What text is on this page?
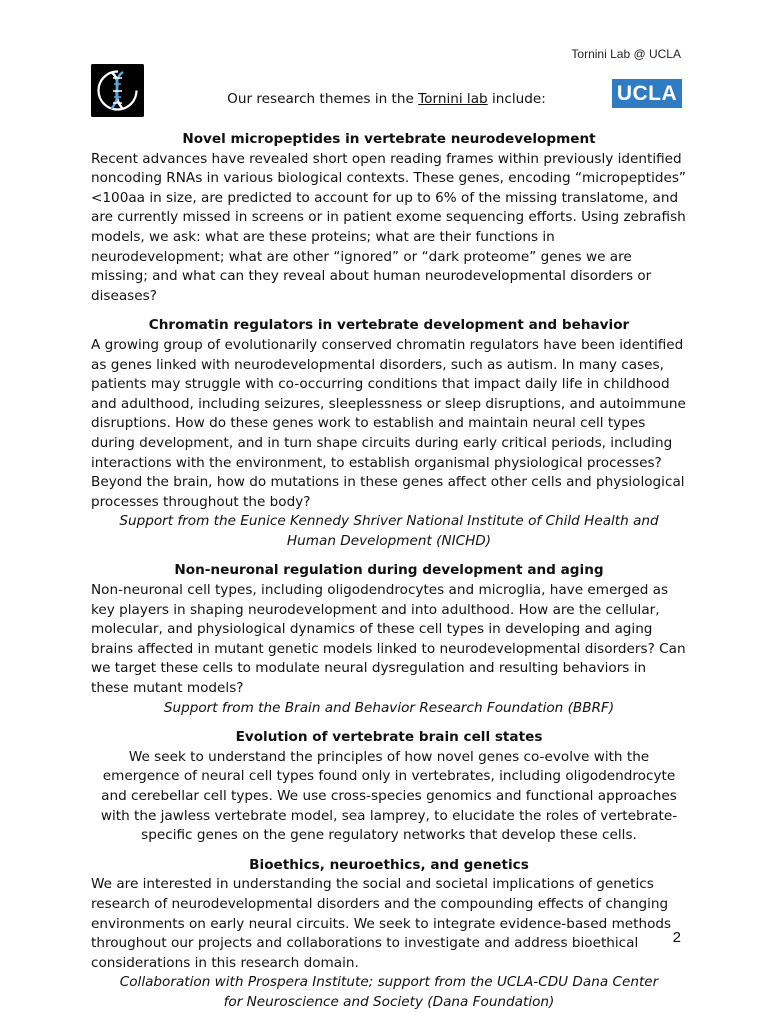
Tornini Lab @ UCLA
UCLA
Our research themes in the Tornini lab include:

Novel micropeptides in vertebrate neurodevelopment

Recent advances have revealed short open reading frames within previously identified noncoding RNAs in various biological contexts. These genes, encoding “micropeptides” <100aa in size, are predicted to account for up to 6% of the missing translatome, and are currently missed in screens or in patient exome sequencing efforts. Using zebrafish models, we ask: what are these proteins; what are their functions in neurodevelopment; what are other “ignored” or “dark proteome” genes we are missing; and what can they reveal about human neurodevelopmental disorders or diseases?

Chromatin regulators in vertebrate development and behavior

A growing group of evolutionarily conserved chromatin regulators have been identified as genes linked with neurodevelopmental disorders, such as autism. In many cases, patients may struggle with co-occurring conditions that impact daily life in childhood and adulthood, including seizures, sleeplessness or sleep disruptions, and autoimmune disruptions. How do these genes work to establish and maintain neural cell types during development, and in turn shape circuits during early critical periods, including interactions with the environment, to establish organismal physiological processes? Beyond the brain, how do mutations in these genes affect other cells and physiological processes throughout the body?

Support from the Eunice Kennedy Shriver National Institute of Child Health and Human Development (NICHD)

Non-neuronal regulation during development and aging

Non-neuronal cell types, including oligodendrocytes and microglia, have emerged as key players in shaping neurodevelopment and into adulthood. How are the cellular, molecular, and physiological dynamics of these cell types in developing and aging brains affected in mutant genetic models linked to neurodevelopmental disorders? Can we target these cells to modulate neural dysregulation and resulting behaviors in these mutant models?

Support from the Brain and Behavior Research Foundation (BBRF)

Evolution of vertebrate brain cell states

We seek to understand the principles of how novel genes co-evolve with the emergence of neural cell types found only in vertebrates, including oligodendrocyte and cerebellar cell types. We use cross-species genomics and functional approaches with the jawless vertebrate model, sea lamprey, to elucidate the roles of vertebrate-specific genes on the gene regulatory networks that develop these cells.

Bioethics, neuroethics, and genetics

We are interested in understanding the social and societal implications of genetics research of neurodevelopmental disorders and the compounding effects of changing environments on early neural circuits. We seek to integrate evidence-based methods throughout our projects and collaborations to investigate and address bioethical considerations in this research domain.

Collaboration with Prospera Institute; support from the UCLA-CDU Dana Center for Neuroscience and Society (Dana Foundation)

2
